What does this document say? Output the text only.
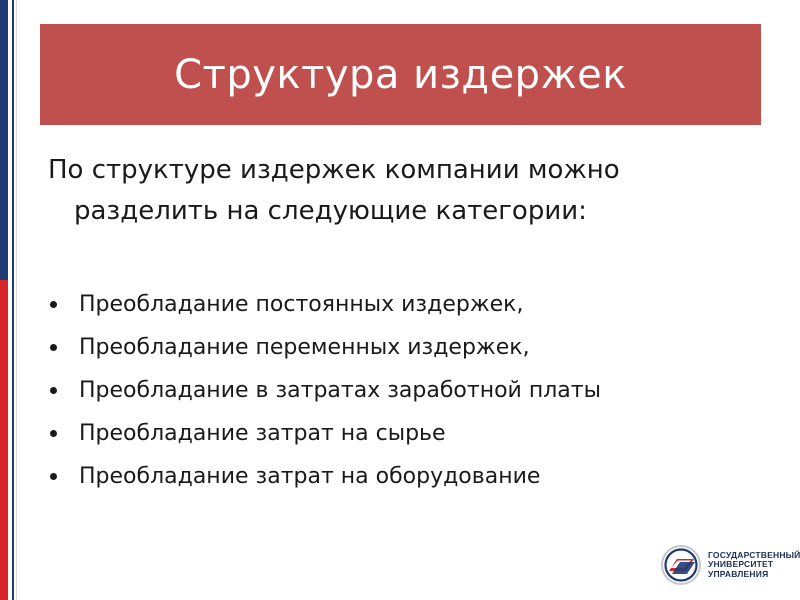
Структура издержек
По структуре издержек компании можно
разделить на следующие категории:
Преобладание постоянных издержек,
Преобладание переменных издержек,
Преобладание в затратах заработной платы
Преобладание затрат на сырье
Преобладание затрат на оборудование
ГОСУДАРСТВЕННЫЙ
УНИВЕРСИТЕТ
УПРАВЛЕНИЯ
